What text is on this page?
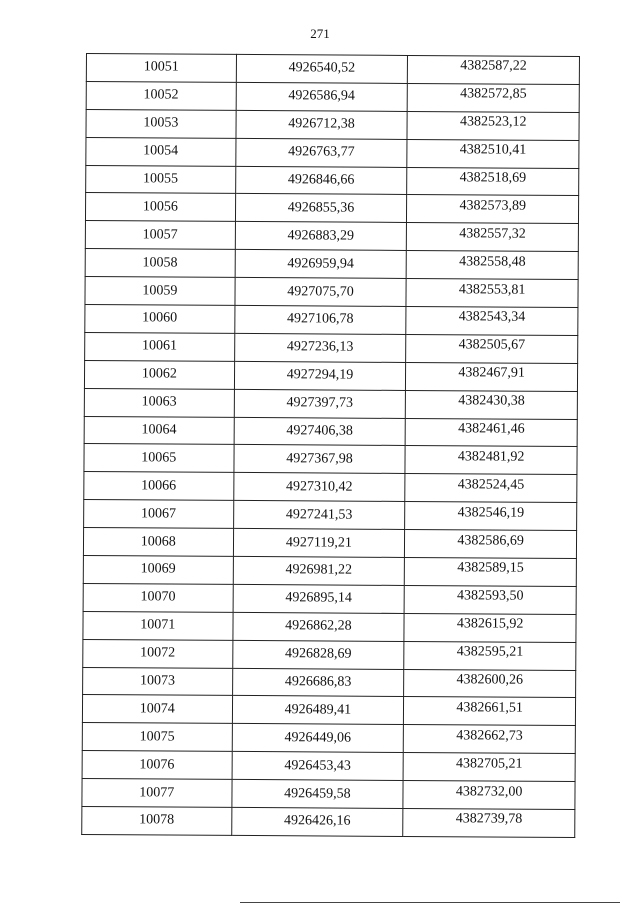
271
10051	4926540,52	4382587,22
10052	4926586,94	4382572,85
10053	4926712,38	4382523,12
10054	4926763,77	4382510,41
10055	4926846,66	4382518,69
10056	4926855,36	4382573,89
10057	4926883,29	4382557,32
10058	4926959,94	4382558,48
10059	4927075,70	4382553,81
10060	4927106,78	4382543,34
10061	4927236,13	4382505,67
10062	4927294,19	4382467,91
10063	4927397,73	4382430,38
10064	4927406,38	4382461,46
10065	4927367,98	4382481,92
10066	4927310,42	4382524,45
10067	4927241,53	4382546,19
10068	4927119,21	4382586,69
10069	4926981,22	4382589,15
10070	4926895,14	4382593,50
10071	4926862,28	4382615,92
10072	4926828,69	4382595,21
10073	4926686,83	4382600,26
10074	4926489,41	4382661,51
10075	4926449,06	4382662,73
10076	4926453,43	4382705,21
10077	4926459,58	4382732,00
10078	4926426,16	4382739,78
